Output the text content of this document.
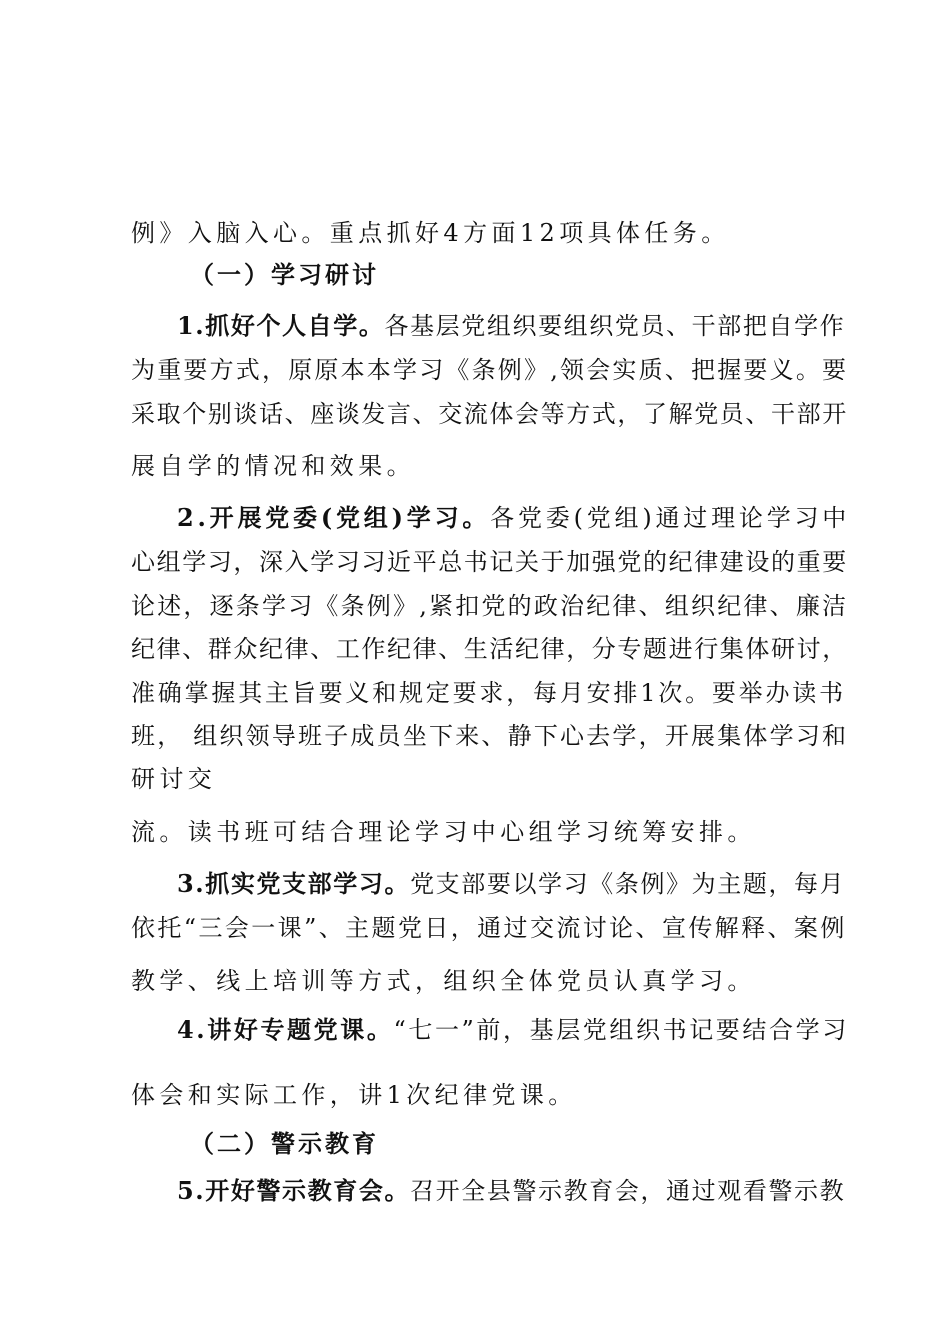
例》入脑入心。重点抓好4方面12项具体任务。
（一）学习研讨
1.抓好个人自学。各基层党组织要组织党员、干部把自学作
为重要方式，原原本本学习《条例》,领会实质、把握要义。要
采取个别谈话、座谈发言、交流体会等方式，了解党员、干部开
展自学的情况和效果。
2.开展党委(党组)学习。各党委(党组)通过理论学习中
心组学习，深入学习习近平总书记关于加强党的纪律建设的重要
论述，逐条学习《条例》,紧扣党的政治纪律、组织纪律、廉洁
纪律、群众纪律、工作纪律、生活纪律，分专题进行集体研讨，
准确掌握其主旨要义和规定要求，每月安排1次。要举办读书
班， 组织领导班子成员坐下来、静下心去学，开展集体学习和
研讨交
流。读书班可结合理论学习中心组学习统筹安排。
3.抓实党支部学习。党支部要以学习《条例》为主题，每月
依托“三会一课”、主题党日，通过交流讨论、宣传解释、案例
教学、线上培训等方式，组织全体党员认真学习。
4.讲好专题党课。“七一”前，基层党组织书记要结合学习
体会和实际工作，讲1次纪律党课。
（二）警示教育
5.开好警示教育会。召开全县警示教育会，通过观看警示教
